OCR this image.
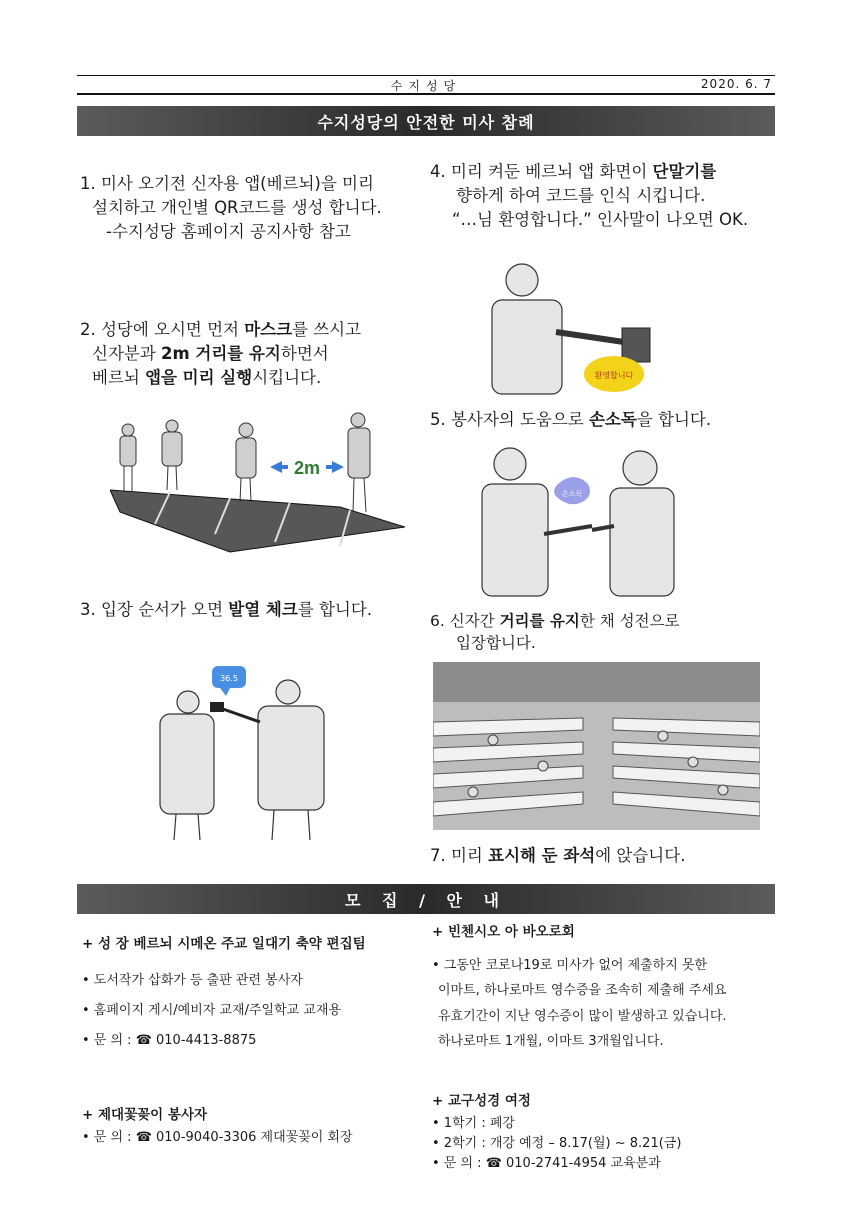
수지성당	2020. 6. 7
수지성당의 안전한 미사 참례
1. 미사 오기전 신자용 앱(베르뇌)을 미리
설치하고 개인별 QR코드를 생성 합니다.
-수지성당 홈페이지 공지사항 참고
2. 성당에 오시면 먼저 마스크를 쓰시고
신자분과 2m 거리를 유지하면서
베르뇌 앱을 미리 실행시킵니다.
2m
3. 입장 순서가 오면 발열 체크를 합니다.
36.5
4. 미리 켜둔 베르뇌 앱 화면이 단말기를
향하게 하여 코드를 인식 시킵니다.
“…님 환영합니다.” 인사말이 나오면 OK.
환영합니다
5. 봉사자의 도움으로 손소독을 합니다.
손소독
6. 신자간 거리를 유지한 채 성전으로
입장합니다.
7. 미리 표시해 둔 좌석에 앉습니다.
모 집 / 안 내
+ 성 장 베르뇌 시메온 주교 일대기 축약 편집팀
• 도서작가 삽화가 등 출판 관련 봉사자
• 홈페이지 게시/예비자 교재/주일학교 교재용
• 문 의 : ☎ 010-4413-8875
+ 제대꽃꽂이 봉사자
• 문 의 : ☎ 010-9040-3306 제대꽃꽂이 회장
+ 빈첸시오 아 바오로회
• 그동안 코로나19로 미사가 없어 제출하지 못한
이마트, 하나로마트 영수증을 조속히 제출해 주세요
유효기간이 지난 영수증이 많이 발생하고 있습니다.
하나로마트 1개월, 이마트 3개월입니다.
+ 교구성경 여정
• 1학기 : 폐강
• 2학기 : 개강 예정 – 8.17(월) ~ 8.21(금)
• 문 의 : ☎ 010-2741-4954 교육분과
